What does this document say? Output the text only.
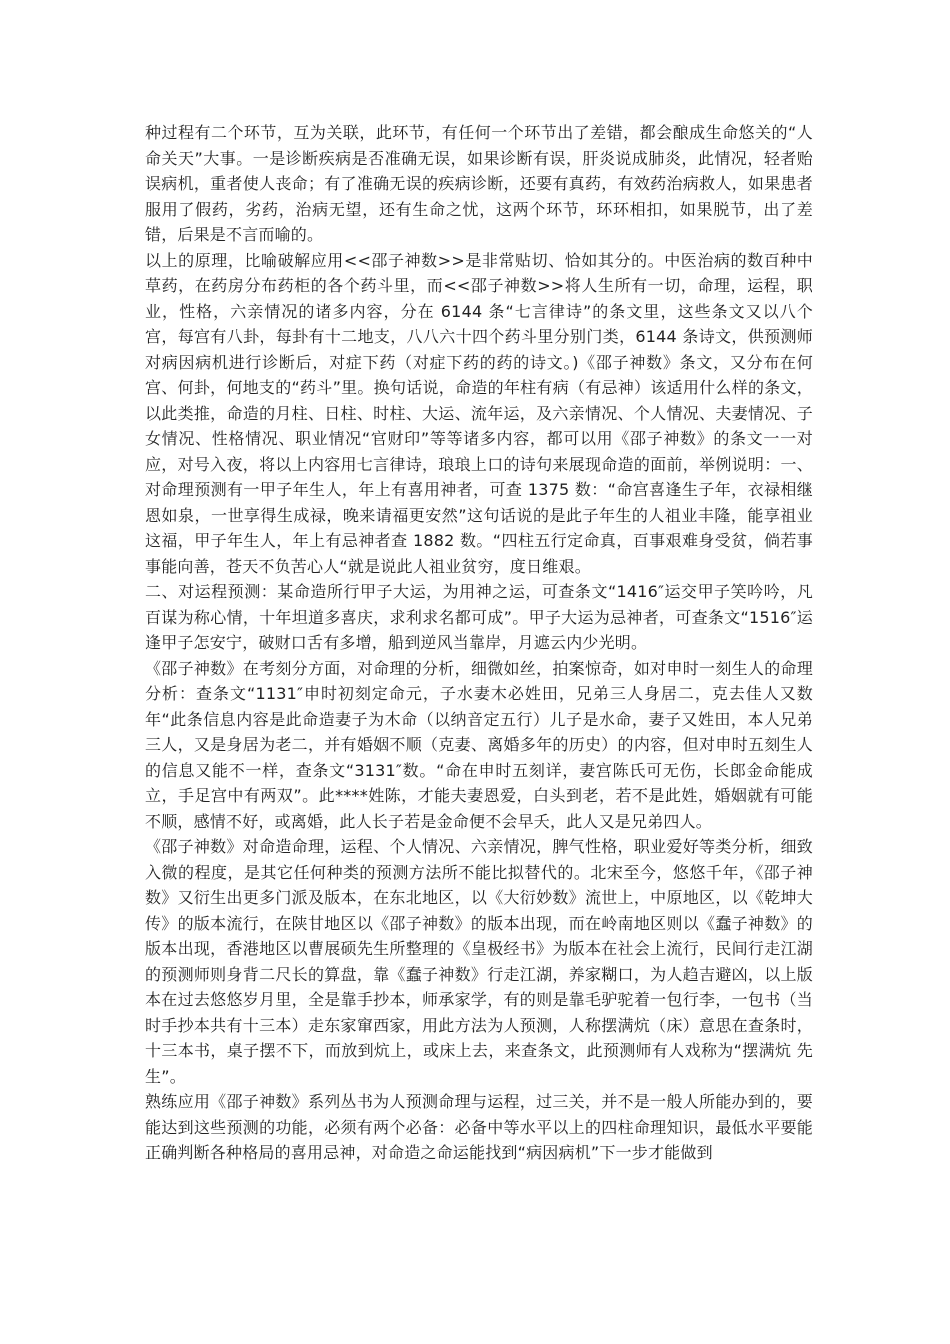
种过程有二个环节，互为关联，此环节，有任何一个环节出了差错，都会酿成生命悠关的“人命关天”大事。一是诊断疾病是否准确无误，如果诊断有误，肝炎说成肺炎，此情况，轻者贻误病机，重者使人丧命；有了准确无误的疾病诊断，还要有真药，有效药治病救人，如果患者服用了假药，劣药，治病无望，还有生命之忧，这两个环节，环环相扣，如果脱节，出了差错，后果是不言而喻的。

以上的原理，比喻破解应用<<邵子神数>>是非常贴切、恰如其分的。中医治病的数百种中草药，在药房分布药柜的各个药斗里，而<<邵子神数>>将人生所有一切，命理，运程，职业，性格，六亲情况的诸多内容，分在 6144 条“七言律诗”的条文里，这些条文又以八个宫，每宫有八卦，每卦有十二地支，八八六十四个药斗里分别门类，6144 条诗文，供预测师对病因病机进行诊断后，对症下药（对症下药的药的诗文。)《邵子神数》条文，又分布在何宫、何卦，何地支的“药斗”里。换句话说，命造的年柱有病（有忌神）该适用什么样的条文，以此类推，命造的月柱、日柱、时柱、大运、流年运，及六亲情况、个人情况、夫妻情况、子女情况、性格情况、职业情况“官财印”等等诸多内容，都可以用《邵子神数》的条文一一对应，对号入夜，将以上内容用七言律诗，琅琅上口的诗句来展现命造的面前，举例说明：一、对命理预测有一甲子年生人，年上有喜用神者，可查 1375 数：“命宫喜逢生子年，衣禄相继恩如泉，一世享得生成禄，晚来请福更安然”这句话说的是此子年生的人祖业丰隆，能享祖业这福，甲子年生人，年上有忌神者查 1882 数。“四柱五行定命真，百事艰难身受贫，倘若事事能向善，苍天不负苦心人“就是说此人祖业贫穷，度日维艰。

二、对运程预测：某命造所行甲子大运，为用神之运，可查条文“1416″运交甲子笑吟吟，凡百谋为称心情，十年坦道多喜庆，求利求名都可成”。甲子大运为忌神者，可查条文“1516″运逢甲子怎安宁，破财口舌有多增，船到逆风当靠岸，月遮云内少光明。

《邵子神数》在考刻分方面，对命理的分析，细微如丝，拍案惊奇，如对申时一刻生人的命理分析：查条文“1131″申时初刻定命元，子水妻木必姓田，兄弟三人身居二，克去佳人又数年“此条信息内容是此命造妻子为木命（以纳音定五行）儿子是水命，妻子又姓田，本人兄弟三人，又是身居为老二，并有婚姻不顺（克妻、离婚多年的历史）的内容，但对申时五刻生人的信息又能不一样，查条文“3131″数。“命在申时五刻详，妻宫陈氏可无伤，长郎金命能成立，手足宫中有两双”。此****姓陈，才能夫妻恩爱，白头到老，若不是此姓，婚姻就有可能不顺，感情不好，或离婚，此人长子若是金命便不会早夭，此人又是兄弟四人。

《邵子神数》对命造命理，运程、个人情况、六亲情况，脾气性格，职业爱好等类分析，细致入微的程度，是其它任何种类的预测方法所不能比拟替代的。北宋至今，悠悠千年，《邵子神数》又衍生出更多门派及版本，在东北地区，以《大衍妙数》流世上，中原地区，以《乾坤大传》的版本流行，在陕甘地区以《邵子神数》的版本出现，而在岭南地区则以《蠢子神数》的版本出现，香港地区以曹展硕先生所整理的《皇极经书》为版本在社会上流行，民间行走江湖的预测师则身背二尺长的算盘，靠《蠢子神数》行走江湖，养家糊口，为人趋吉避凶，以上版本在过去悠悠岁月里，全是靠手抄本，师承家学，有的则是靠毛驴驼着一包行李，一包书（当时手抄本共有十三本）走东家窜西家，用此方法为人预测，人称摆满炕（床）意思在查条时，十三本书，桌子摆不下，而放到炕上，或床上去，来查条文，此预测师有人戏称为“摆满炕 先生”。

熟练应用《邵子神数》系列丛书为人预测命理与运程，过三关，并不是一般人所能办到的，要能达到这些预测的功能，必须有两个必备：必备中等水平以上的四柱命理知识，最低水平要能正确判断各种格局的喜用忌神，对命造之命运能找到“病因病机”下一步才能做到
